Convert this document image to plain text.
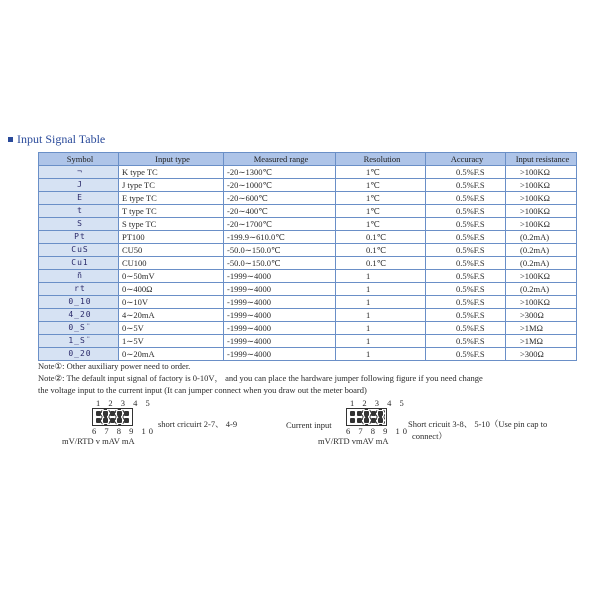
Input Signal Table
Symbol	Input type	Measured range	Resolution	Accuracy	Input resistance
¬	K type TC	-20∼1300℃	1℃	0.5%F.S	>100KΩ
J	J type TC	-20∼1000℃	1℃	0.5%F.S	>100KΩ
E	E type TC	-20∼600℃	1℃	0.5%F.S	>100KΩ
t	T type TC	-20∼400℃	1℃	0.5%F.S	>100KΩ
S	S type TC	-20∼1700℃	1℃	0.5%F.S	>100KΩ
Pt	PT100	-199.9∼610.0℃	0.1℃	0.5%F.S	(0.2mA)
CuS	CU50	-50.0∼150.0℃	0.1℃	0.5%F.S	(0.2mA)
Cu1	CU100	-50.0∼150.0℃	0.1℃	0.5%F.S	(0.2mA)
n̄̄	0∼50mV	-1999∼4000	1	0.5%F.S	>100KΩ
rt	0∼400Ω	-1999∼4000	1	0.5%F.S	(0.2mA)
0_10	0∼10V	-1999∼4000	1	0.5%F.S	>100KΩ
4_20	4∼20mA	-1999∼4000	1	0.5%F.S	>300Ω
0_S¨	0∼5V	-1999∼4000	1	0.5%F.S	>1MΩ
1_S¨	1∼5V	-1999∼4000	1	0.5%F.S	>1MΩ
0_20	0∼20mA	-1999∼4000	1	0.5%F.S	>300Ω
Note①: Other auxiliary power need to order.
Note②: The default input signal of factory is 0-10V， and you can place the hardware jumper following figure if you need change
the voltage input to the current input (It can jumper connect when you draw out the meter board)
1 2 3 4 5
6 7 8 9 10
mV/RTD v mAV mA
short cricuirt 2-7、 4-9	Current input
1 2 3 4 5
6 7 8 9 10
mV/RTD vmAV mA
Short cricuit 3-8、 5-10（Use pin cap to
connect）
